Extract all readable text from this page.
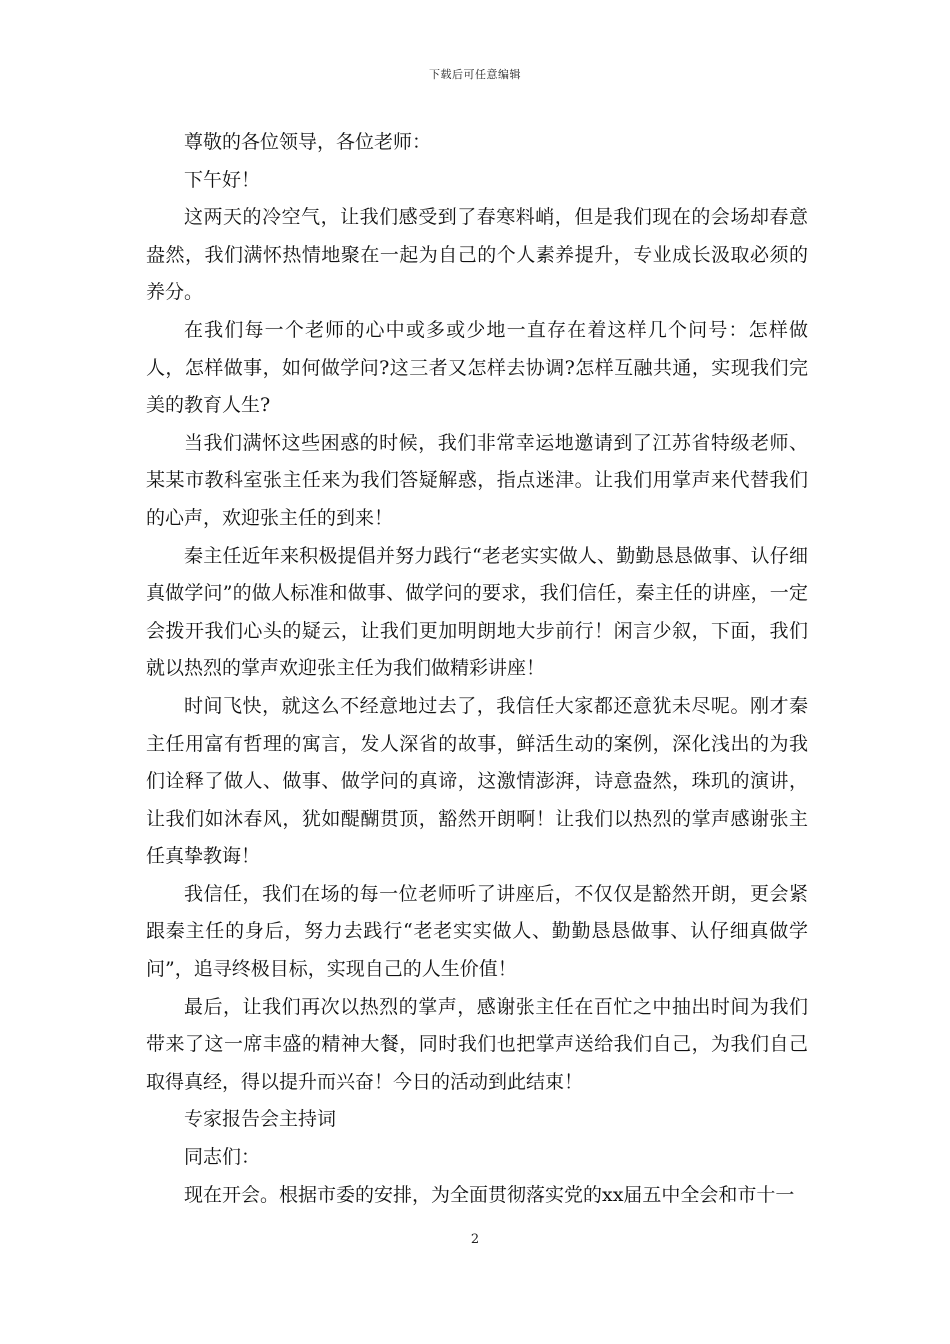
下载后可任意编辑

尊敬的各位领导，各位老师：

下午好！

这两天的冷空气，让我们感受到了春寒料峭，但是我们现在的会场却春意盎然，我们满怀热情地聚在一起为自己的个人素养提升，专业成长汲取必须的养分。

在我们每一个老师的心中或多或少地一直存在着这样几个问号：怎样做人，怎样做事，如何做学问?这三者又怎样去协调?怎样互融共通，实现我们完美的教育人生?

当我们满怀这些困惑的时候，我们非常幸运地邀请到了江苏省特级老师、某某市教科室张主任来为我们答疑解惑，指点迷津。让我们用掌声来代替我们的心声，欢迎张主任的到来！

秦主任近年来积极提倡并努力践行“老老实实做人、勤勤恳恳做事、认仔细真做学问”的做人标准和做事、做学问的要求，我们信任，秦主任的讲座，一定会拨开我们心头的疑云，让我们更加明朗地大步前行！闲言少叙，下面，我们就以热烈的掌声欢迎张主任为我们做精彩讲座！

时间飞快，就这么不经意地过去了，我信任大家都还意犹未尽呢。刚才秦主任用富有哲理的寓言，发人深省的故事，鲜活生动的案例，深化浅出的为我们诠释了做人、做事、做学问的真谛，这激情澎湃，诗意盎然，珠玑的演讲，让我们如沐春风，犹如醍醐贯顶，豁然开朗啊！让我们以热烈的掌声感谢张主任真挚教诲！

我信任，我们在场的每一位老师听了讲座后，不仅仅是豁然开朗，更会紧跟秦主任的身后，努力去践行“老老实实做人、勤勤恳恳做事、认仔细真做学问”，追寻终极目标，实现自己的人生价值！

最后，让我们再次以热烈的掌声，感谢张主任在百忙之中抽出时间为我们带来了这一席丰盛的精神大餐，同时我们也把掌声送给我们自己，为我们自己取得真经，得以提升而兴奋！今日的活动到此结束！

专家报告会主持词

同志们：

现在开会。根据市委的安排，为全面贯彻落实党的xx届五中全会和市十一

2
